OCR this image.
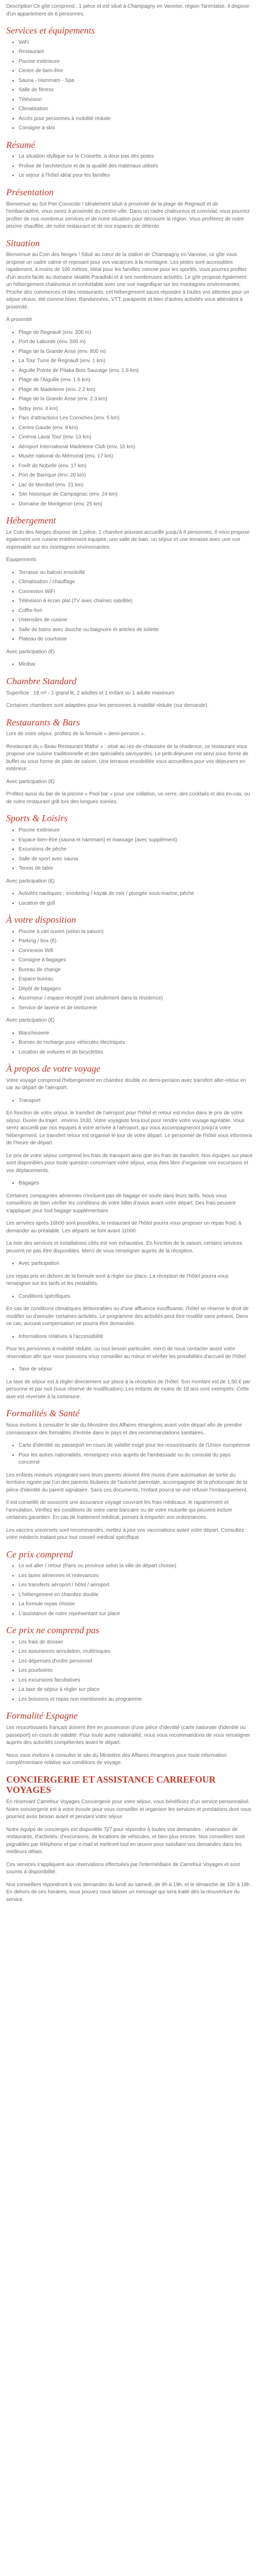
Description Ce gîte comprend : 1 pièce et est situé à Champagny en Vanoise, région Tarentaise. Il dispose d'un appartement de 6 personnes.

Services et équipements
• WiFi
• Restaurant
• Piscine extérieure
• Centre de bien-être
• Sauna - Hammam - Spa
• Salle de fitness
• Télévision
• Climatisation
• Accès pour personnes à mobilité réduite
• Consigne à skis
Résumé
• La situation idyllique sur la Croisette, à deux pas des pistes
• Prolixe de l'architecture et de la qualité des matériaux utilisés
• Le séjour à l'hôtel idéal pour les familles
Présentation

Bienvenue au Sol Pier Conocido ! Idéalement situé à proximité de la plage de Regnault et de l'embarcadère, vous serez à proximité du centre-ville. Dans un cadre chaleureux et convivial, vous pourrez profiter de nos nombreux services et de notre situation pour découvrir la région. Vous profiterez de notre piscine chauffée, de notre restaurant et de nos espaces de détente.

Situation

Bienvenue au Coin des Neiges ! Situé au cœur de la station de Champagny en Vanoise, ce gîte vous propose un cadre calme et reposant pour vos vacances à la montagne. Les pistes sont accessibles rapidement, à moins de 100 mètres. Idéal pour les familles comme pour les sportifs, vous pourrez profiter d'un accès facile au domaine skiable Paradiski et à ses nombreuses activités. Le gîte propose également un hébergement chaleureux et confortable avec une vue magnifique sur les montagnes environnantes. Proche des commerces et des restaurants, cet hébergement saura répondre à toutes vos attentes pour un séjour réussi, été comme hiver. Randonnées, VTT, parapente et bien d'autres activités vous attendent à proximité.

À proximité

• Plage de Regnault (env. 200 m)
• Port de Laborde (env. 500 m)
• Plage de la Grande Anse (env. 800 m)
• La Tour Turre de Regnault (env. 1 km)
• Aiguille Pointe de Pitaka Bois Sauvage (env. 1.6 km)
• Plage de l'Aiguille (env. 1.6 km)
• Plage de Madeleine (env. 2.2 km)
• Plage de la Grande Anse (env. 2.3 km)
• Sidsy (env. 4 km)
• Parc d'attractions Les Corniches (env. 5 km)
• Centre Gaude (env. 9 km)
• Cinéma Laval Tour (env. 13 km)
• Aéroport International Madeleine Club (env. 16 km)
• Musée national du Mémorial (env. 17 km)
• Forêt de Nobelle (env. 17 km)
• Port de Barrique (env. 20 km)
• Lac de Montbel (env. 21 km)
• Site historique de Campagnac (env. 24 km)
• Domaine de Montgeron (env. 25 km)
Hébergement

Le Coin des Neiges dispose de 1 pièce, 1 chambre pouvant accueillir jusqu'à 6 personnes. Il vous propose également une cuisine entièrement équipée, une salle de bain, un séjour et une terrasse avec une vue imprenable sur les montagnes environnantes.

Équipements

• Terrasse ou balcon ensoleillé
• Climatisation / chauffage
• Connexion WiFi
• Télévision à écran plat (TV avec chaînes satellite)
• Coffre-fort
• Ustensiles de cuisine
• Salle de bains avec douche ou baignoire et articles de toilette
• Plateau de courtoisie

Avec participation (€)

• Minibar
Chambre Standard

Superficie : 18 m² - 1 grand lit, 2 adultes et 1 enfant ou 1 adulte maximum

Certaines chambres sont adaptées pour les personnes à mobilité réduite (sur demande).

Restaurants & Bars

Lors de votre séjour, profitez de la formule « demi-pension ».

Restaurant du « Beau Restaurant Mathé » : situé au rez-de-chaussée de la résidence, ce restaurant vous propose une cuisine traditionnelle et des spécialités savoyardes. Le petit-déjeuner est servi sous forme de buffet ou sous forme de plats de saison. Une terrasse ensoleillée vous accueillera pour vos déjeuners en extérieur.

Avec participation (€)

Profitez aussi du bar de la piscine « Pool bar » pour une collation, un verre, des cocktails et des en-cas, ou de notre restaurant grill lors des longues soirées.

Sports & Loisirs
• Piscine extérieure
• Espace bien-être (sauna et hammam) et massage (avec supplément)
• Excursions de pêche
• Salle de sport avec sauna
• Tennis de table

Avec participation (€)

• Activités nautiques : snorkeling / kayak de mer / plongée sous-marine, pêche
• Location de golf
À votre disposition
• Piscine à ciel ouvert (selon la saison)
• Parking / box (€)
• Connexion Wifi
• Consigne à bagages
• Bureau de change
• Espace bureau
• Dépôt de bagages
• Ascenseur / espace réceptif (non seulement dans la résidence)
• Service de laverie et de teinturerie

Avec participation (€)

• Blanchisserie
• Bornes de recharge pour véhicules électriques
• Location de voitures et de bicyclettes
À propos de votre voyage

Votre voyage comprend l'hébergement en chambre double en demi-pension avec transfert aller-retour en car au départ de l'aéroport.

• Transport

En fonction de votre séjour, le transfert de l'aéroport pour l'hôtel et retour est inclus dans le prix de votre séjour. Durée du trajet : environ 1h30. Votre voyagiste fera tout pour rendre votre voyage agréable. Vous serez accueilli par nos équipes à votre arrivée à l'aéroport, qui vous accompagneront jusqu'à votre hébergement. Le transfert retour est organisé le jour de votre départ. Le personnel de l'hôtel vous informera de l'heure de départ.

Le prix de votre séjour comprend les frais de transport ainsi que les frais de transfert. Nos équipes sur place sont disponibles pour toute question concernant votre séjour, vous êtes libre d'organiser vos excursions et vos déplacements.

• Bagages

Certaines compagnies aériennes n'incluent pas de bagage en soute dans leurs tarifs. Nous vous conseillons de bien vérifier les conditions de votre billet d'avion avant votre départ. Des frais peuvent s'appliquer pour tout bagage supplémentaire.

Les arrivées après 16h00 sont possibles, le restaurant de l'hôtel pourra vous proposer un repas froid, à demander au préalable. Les départs se font avant 11h00.

La liste des services et installations cités est non exhaustive. En fonction de la saison, certains services peuvent ne pas être disponibles. Merci de vous renseigner auprès de la réception.

• Avec participation

Les repas pris en dehors de la formule sont à régler sur place. La réception de l'hôtel pourra vous renseigner sur les tarifs et les modalités.

• Conditions spécifiques

En cas de conditions climatiques défavorables ou d'une affluence insuffisante, l'hôtel se réserve le droit de modifier ou d'annuler certaines activités. Le programme des activités peut être modifié sans préavis. Dans ce cas, aucune compensation ne pourra être demandée.

• Informations relatives à l'accessibilité

Pour les personnes à mobilité réduite, ou tout besoin particulier, merci de nous contacter avant votre réservation afin que nous puissions vous conseiller au mieux et vérifier les possibilités d'accueil de l'hôtel.

• Taxe de séjour

La taxe de séjour est à régler directement sur place à la réception de l'hôtel. Son montant est de 1,50 € par personne et par nuit (sous réserve de modification). Les enfants de moins de 18 ans sont exemptés. Cette taxe est reversée à la commune.

Formalités & Santé

Nous invitons à consulter le site du Ministère des Affaires étrangères avant votre départ afin de prendre connaissance des formalités d'entrée dans le pays et des recommandations sanitaires.

• Carte d'identité ou passeport en cours de validité exigé pour les ressortissants de l'Union européenne
• Pour les autres nationalités, renseignez-vous auprès de l'ambassade ou du consulat du pays concerné

Les enfants mineurs voyageant sans leurs parents doivent être munis d'une autorisation de sortie du territoire signée par l'un des parents titulaires de l'autorité parentale, accompagnée de la photocopie de la pièce d'identité du parent signataire. Sans ces documents, l'enfant pourra se voir refuser l'embarquement.

Il est conseillé de souscrire une assurance voyage couvrant les frais médicaux, le rapatriement et l'annulation. Vérifiez les conditions de votre carte bancaire ou de votre mutuelle qui peuvent inclure certaines garanties. En cas de traitement médical, pensez à emporter vos ordonnances.

Les vaccins universels sont recommandés, mettez à jour vos vaccinations avant votre départ. Consultez votre médecin traitant pour tout conseil médical spécifique.

Ce prix comprend
• Le vol aller / retour (Paris ou province selon la ville de départ choisie)
• Les taxes aériennes et redevances
• Les transferts aéroport / hôtel / aéroport
• L'hébergement en chambre double
• La formule repas choisie
• L'assistance de notre représentant sur place
Ce prix ne comprend pas
• Les frais de dossier
• Les assurances annulation, multirisques
• Les dépenses d'ordre personnel
• Les pourboires
• Les excursions facultatives
• La taxe de séjour à régler sur place
• Les boissons et repas non mentionnés au programme
Formalité Espagne

Les ressortissants français doivent être en possession d'une pièce d'identité (carte nationale d'identité ou passeport) en cours de validité. Pour toute autre nationalité, nous vous recommandons de vous renseigner auprès des autorités compétentes avant le départ.

Nous vous invitons à consulter le site du Ministère des Affaires étrangères pour toute information complémentaire relative aux conditions de voyage.

CONCIERGERIE ET ASSISTANCE CARREFOUR VOYAGES

En réservant Carrefour Voyages Conciergerie pour votre séjour, vous bénéficiez d'un service personnalisé. Notre conciergerie est à votre écoute pour vous conseiller et organiser les services et prestations dont vous pourriez avoir besoin avant et pendant votre séjour.

Notre équipe de concierges est disponible 7j/7 pour répondre à toutes vos demandes : réservation de restaurants, d'activités, d'excursions, de locations de véhicules, et bien plus encore. Nos conseillers sont joignables par téléphone et par e-mail et mettront tout en œuvre pour satisfaire vos demandes dans les meilleurs délais.

Ces services s'appliquent aux réservations effectuées par l'intermédiaire de Carrefour Voyages et sont soumis à disponibilité.

Nos conseillers répondront à vos demandes du lundi au samedi, de 9h à 19h, et le dimanche de 10h à 18h. En dehors de ces horaires, vous pouvez nous laisser un message qui sera traité dès la réouverture du service.
